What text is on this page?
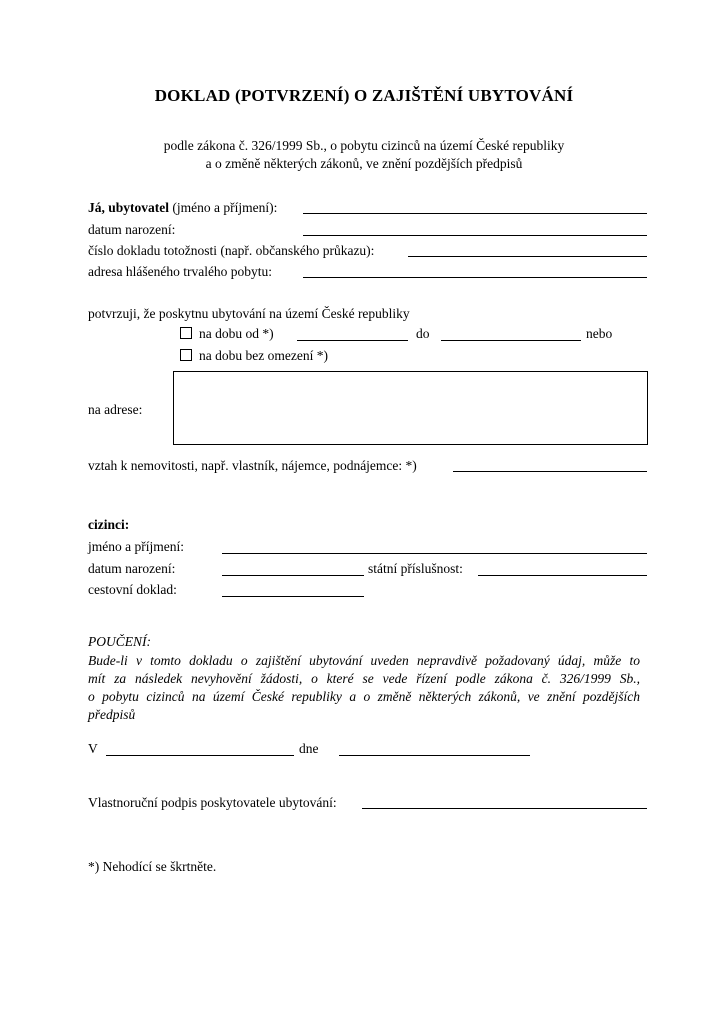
DOKLAD (POTVRZENÍ) O ZAJIŠTĚNÍ UBYTOVÁNÍ
podle zákona č. 326/1999 Sb., o pobytu cizinců na území České republiky
a o změně některých zákonů, ve znění pozdějších předpisů
Já, ubytovatel (jméno a příjmení):
datum narození:
číslo dokladu totožnosti (např. občanského průkazu):
adresa hlášeného trvalého pobytu:
potvrzuji, že poskytnu ubytování na území České republiky
na dobu od *)	do	nebo
na dobu bez omezení *)
na adrese:
vztah k nemovitosti, např. vlastník, nájemce, podnájemce: *)
cizinci:
jméno a příjmení:
datum narození:	státní příslušnost:
cestovní doklad:
POUČENÍ:
Bude-li v tomto dokladu o zajištění ubytování uveden nepravdivě požadovaný údaj, může to
mít za následek nevyhovění žádosti, o které se vede řízení podle zákona č. 326/1999 Sb.,
o pobytu cizinců na území České republiky a o změně některých zákonů, ve znění pozdějších
předpisů
V	dne
Vlastnoruční podpis poskytovatele ubytování:
*) Nehodící se škrtněte.
